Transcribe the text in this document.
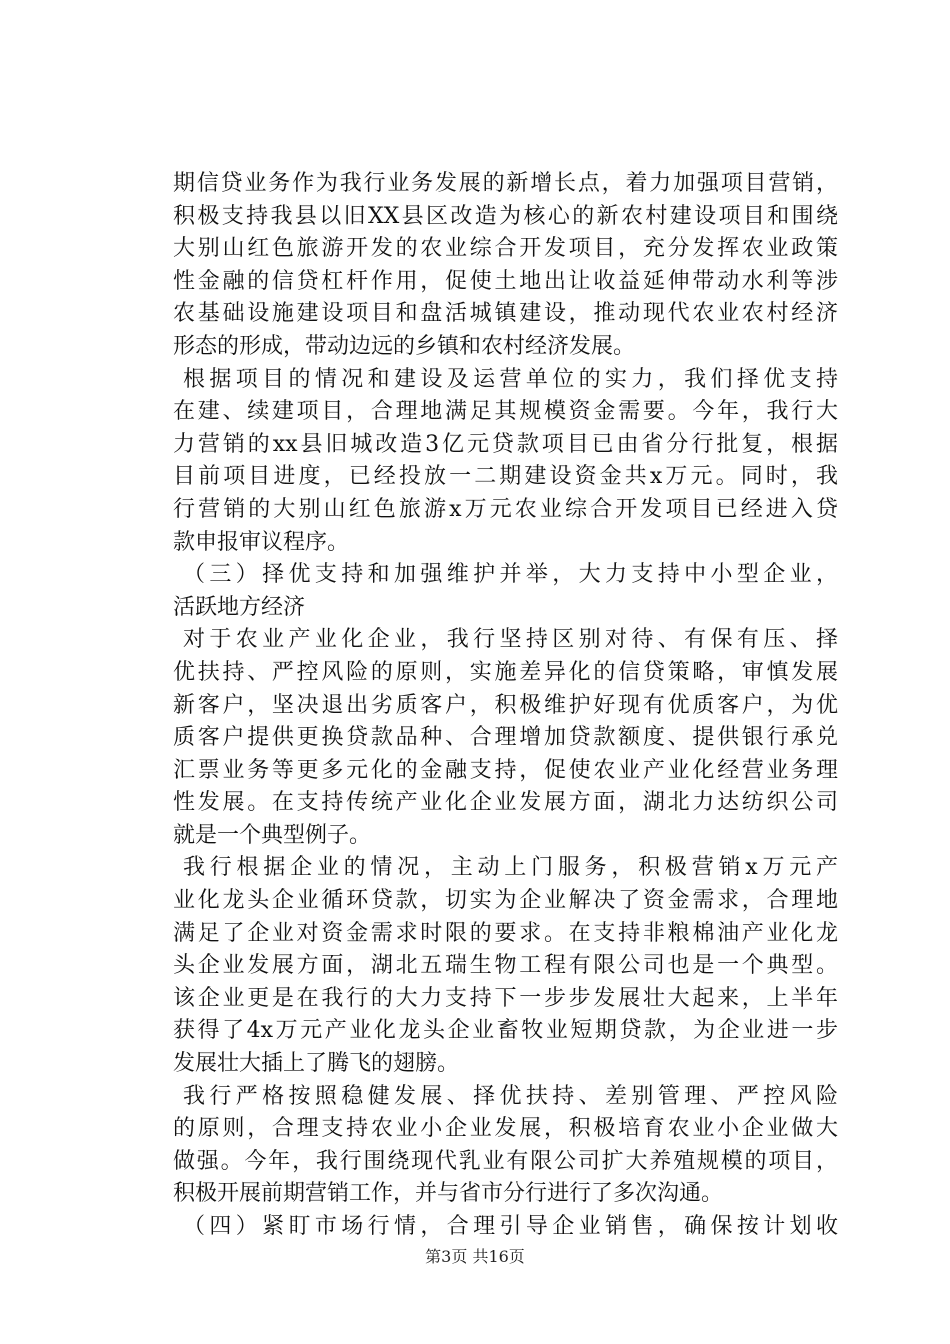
期信贷业务作为我行业务发展的新增长点，着力加强项目营销，
积极支持我县以旧XX县区改造为核心的新农村建设项目和围绕
大别山红色旅游开发的农业综合开发项目，充分发挥农业政策
性金融的信贷杠杆作用，促使土地出让收益延伸带动水利等涉
农基础设施建设项目和盘活城镇建设，推动现代农业农村经济
形态的形成，带动边远的乡镇和农村经济发展。
根据项目的情况和建设及运营单位的实力，我们择优支持
在建、续建项目，合理地满足其规模资金需要。今年，我行大
力营销的xx县旧城改造3亿元贷款项目已由省分行批复，根据
目前项目进度，已经投放一二期建设资金共x万元。同时，我
行营销的大别山红色旅游x万元农业综合开发项目已经进入贷
款申报审议程序。
（三）择优支持和加强维护并举，大力支持中小型企业，
活跃地方经济
对于农业产业化企业，我行坚持区别对待、有保有压、择
优扶持、严控风险的原则，实施差异化的信贷策略，审慎发展
新客户，坚决退出劣质客户，积极维护好现有优质客户，为优
质客户提供更换贷款品种、合理增加贷款额度、提供银行承兑
汇票业务等更多元化的金融支持，促使农业产业化经营业务理
性发展。在支持传统产业化企业发展方面，湖北力达纺织公司
就是一个典型例子。
我行根据企业的情况，主动上门服务，积极营销x万元产
业化龙头企业循环贷款，切实为企业解决了资金需求，合理地
满足了企业对资金需求时限的要求。在支持非粮棉油产业化龙
头企业发展方面，湖北五瑞生物工程有限公司也是一个典型。
该企业更是在我行的大力支持下一步步发展壮大起来，上半年
获得了4x万元产业化龙头企业畜牧业短期贷款，为企业进一步
发展壮大插上了腾飞的翅膀。
我行严格按照稳健发展、择优扶持、差别管理、严控风险
的原则，合理支持农业小企业发展，积极培育农业小企业做大
做强。今年，我行围绕现代乳业有限公司扩大养殖规模的项目，
积极开展前期营销工作，并与省市分行进行了多次沟通。
（四）紧盯市场行情，合理引导企业销售，确保按计划收
第3页 共16页
